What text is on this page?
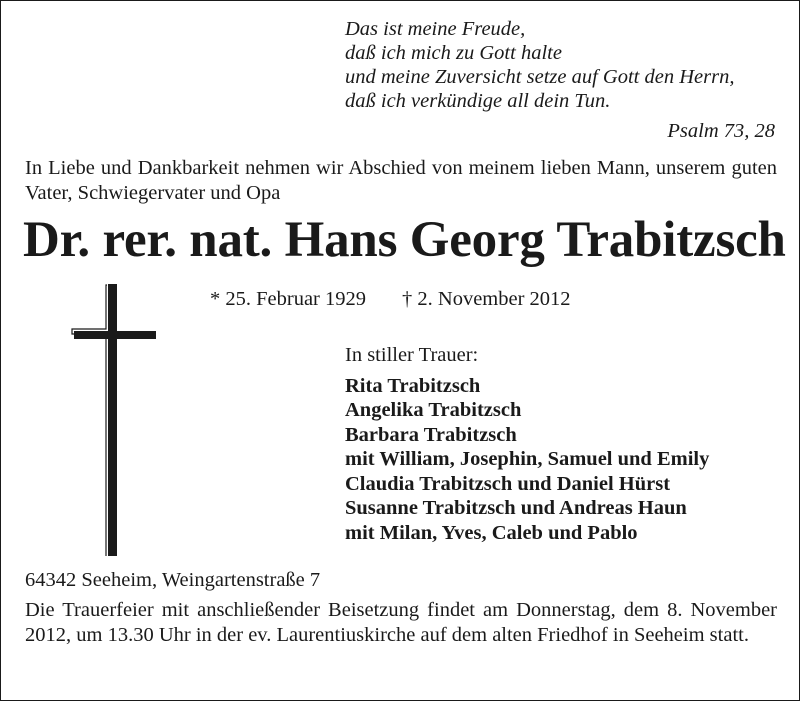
Das ist meine Freude,
daß ich mich zu Gott halte
und meine Zuversicht setze auf Gott den Herrn,
daß ich verkündige all dein Tun.
Psalm 73, 28
In Liebe und Dankbarkeit nehmen wir Abschied von meinem lieben Mann, unserem guten Vater, Schwiegervater und Opa
Dr. rer. nat. Hans Georg Trabitzsch
* 25. Februar 1929 † 2. November 2012
In stiller Trauer:
Rita Trabitzsch
Angelika Trabitzsch
Barbara Trabitzsch
mit William, Josephin, Samuel und Emily
Claudia Trabitzsch und Daniel Hürst
Susanne Trabitzsch und Andreas Haun
mit Milan, Yves, Caleb und Pablo
64342 Seeheim, Weingartenstraße 7
Die Trauerfeier mit anschließender Beisetzung findet am Donnerstag, dem 8. November 2012, um 13.30 Uhr in der ev. Laurentiuskirche auf dem alten Friedhof in Seeheim statt.
